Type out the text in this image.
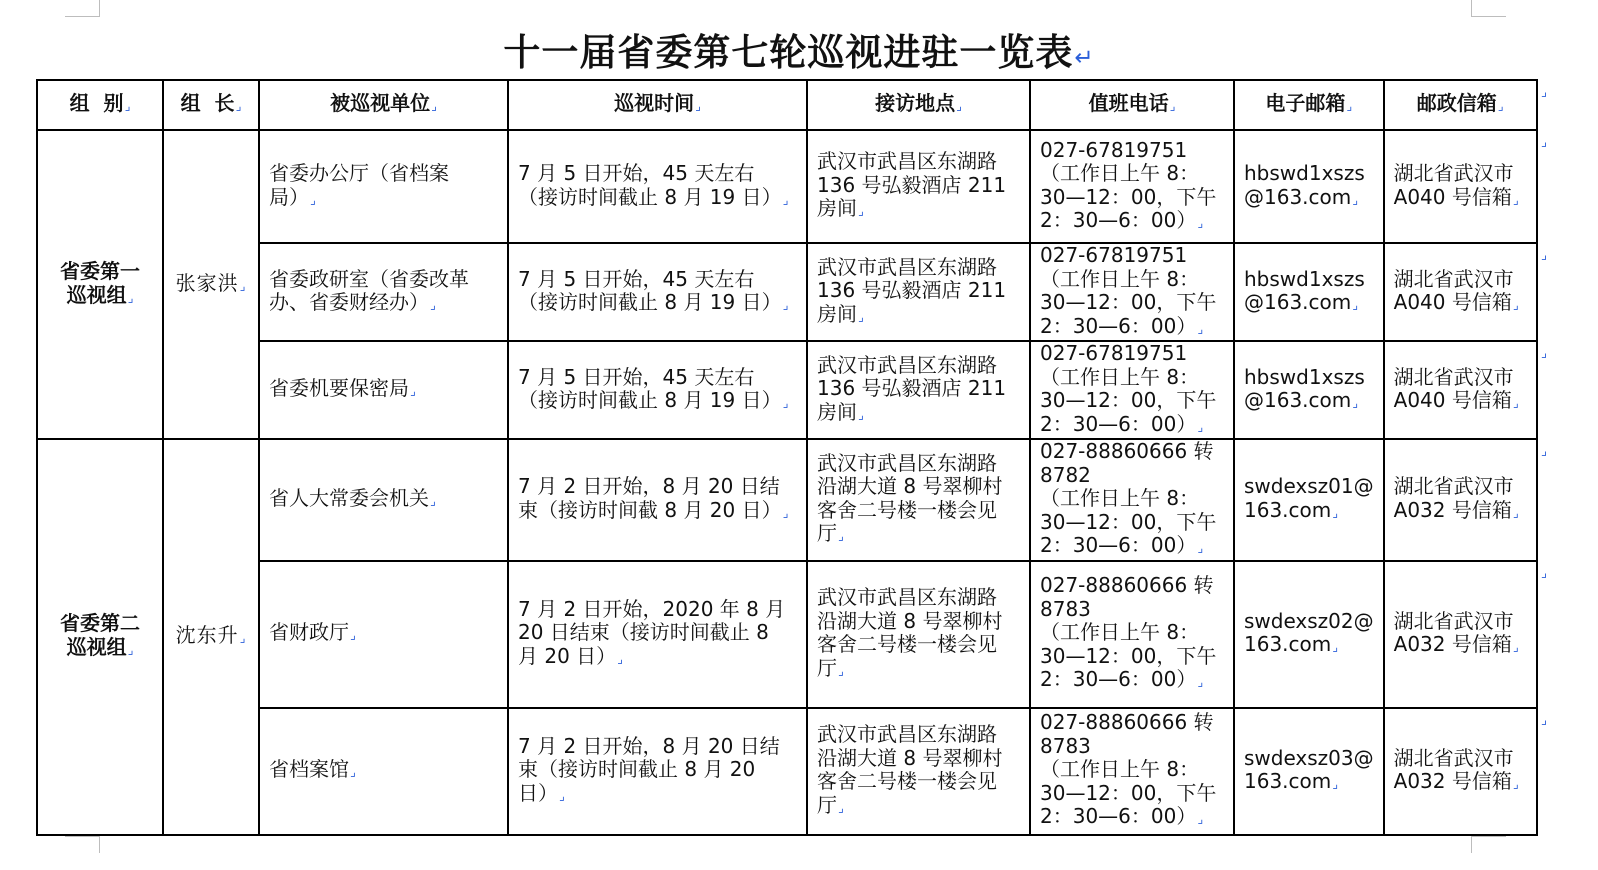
十一届省委第七轮巡视进驻一览表↵
组  别⌟	组  长⌟	被巡视单位⌟	巡视时间⌟	接访地点⌟	值班电话⌟	电子邮箱⌟	邮政信箱⌟

省委第一
巡视组⌟	张家洪⌟	省委办公厅（省档案
局）⌟	7 月 5 日开始，45 天左右
（接访时间截止 8 月 19 日）⌟	武汉市武昌区东湖路
136 号弘毅酒店 211
房间⌟	027-67819751
（工作日上午 8：
30—12：00，下午
2：30—6：00）⌟	hbswd1xszs
@163.com⌟	湖北省武汉市
A040 号信箱⌟

		省委政研室（省委改革
办、省委财经办）⌟	7 月 5 日开始，45 天左右
（接访时间截止 8 月 19 日）⌟	武汉市武昌区东湖路
136 号弘毅酒店 211
房间⌟	027-67819751
（工作日上午 8：
30—12：00，下午
2：30—6：00）⌟	hbswd1xszs
@163.com⌟	湖北省武汉市
A040 号信箱⌟

		省委机要保密局⌟	7 月 5 日开始，45 天左右
（接访时间截止 8 月 19 日）⌟	武汉市武昌区东湖路
136 号弘毅酒店 211
房间⌟	027-67819751
（工作日上午 8：
30—12：00，下午
2：30—6：00）⌟	hbswd1xszs
@163.com⌟	湖北省武汉市
A040 号信箱⌟

省委第二
巡视组⌟	沈东升⌟	省人大常委会机关⌟	7 月 2 日开始，8 月 20 日结
束（接访时间截 8 月 20 日）⌟	武汉市武昌区东湖路
沿湖大道 8 号翠柳村
客舍二号楼一楼会见
厅⌟	027-88860666 转
8782
（工作日上午 8：
30—12：00，下午
2：30—6：00）⌟	swdexsz01@
163.com⌟	湖北省武汉市
A032 号信箱⌟

		省财政厅⌟	7 月 2 日开始，2020 年 8 月
20 日结束（接访时间截止 8
月 20 日）⌟	武汉市武昌区东湖路
沿湖大道 8 号翠柳村
客舍二号楼一楼会见
厅⌟	027-88860666 转
8783
（工作日上午 8：
30—12：00，下午
2：30—6：00）⌟	swdexsz02@
163.com⌟	湖北省武汉市
A032 号信箱⌟

		省档案馆⌟	7 月 2 日开始，8 月 20 日结
束（接访时间截止 8 月 20
日）⌟	武汉市武昌区东湖路
沿湖大道 8 号翠柳村
客舍二号楼一楼会见
厅⌟	027-88860666 转
8783
（工作日上午 8：
30—12：00，下午
2：30—6：00）⌟	swdexsz03@
163.com⌟	湖北省武汉市
A032 号信箱⌟
⌟
⌟
⌟
⌟
⌟
⌟
⌟
